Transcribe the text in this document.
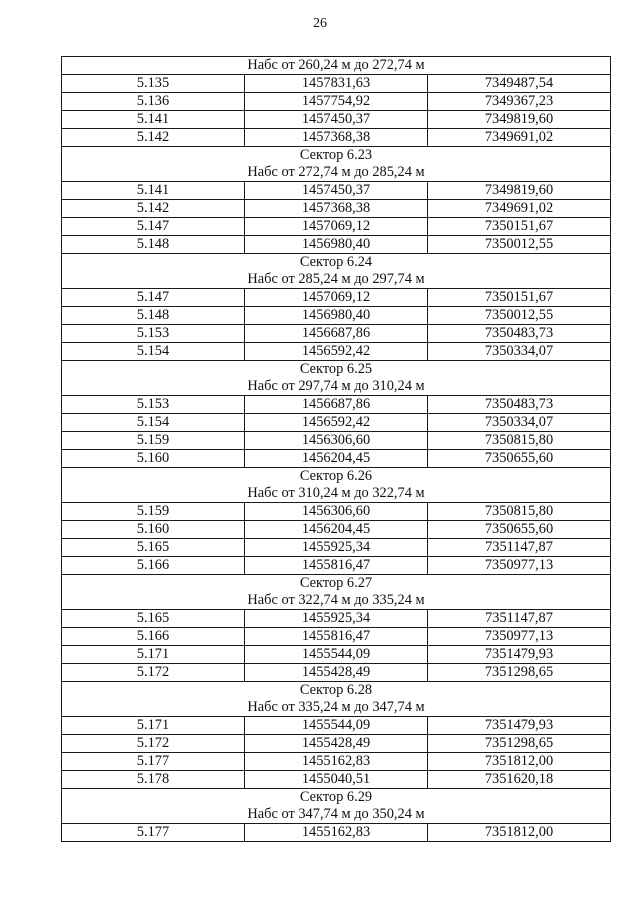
26
Набс от 260,24 м до 272,74 м		
5.135	1457831,63	7349487,54
5.136	1457754,92	7349367,23
5.141	1457450,37	7349819,60
5.142	1457368,38	7349691,02
Сектор 6.23		
Набс от 272,74 м до 285,24 м		
5.141	1457450,37	7349819,60
5.142	1457368,38	7349691,02
5.147	1457069,12	7350151,67
5.148	1456980,40	7350012,55
Сектор 6.24		
Набс от 285,24 м до 297,74 м		
5.147	1457069,12	7350151,67
5.148	1456980,40	7350012,55
5.153	1456687,86	7350483,73
5.154	1456592,42	7350334,07
Сектор 6.25		
Набс от 297,74 м до 310,24 м		
5.153	1456687,86	7350483,73
5.154	1456592,42	7350334,07
5.159	1456306,60	7350815,80
5.160	1456204,45	7350655,60
Сектор 6.26		
Набс от 310,24 м до 322,74 м		
5.159	1456306,60	7350815,80
5.160	1456204,45	7350655,60
5.165	1455925,34	7351147,87
5.166	1455816,47	7350977,13
Сектор 6.27		
Набс от 322,74 м до 335,24 м		
5.165	1455925,34	7351147,87
5.166	1455816,47	7350977,13
5.171	1455544,09	7351479,93
5.172	1455428,49	7351298,65
Сектор 6.28		
Набс от 335,24 м до 347,74 м		
5.171	1455544,09	7351479,93
5.172	1455428,49	7351298,65
5.177	1455162,83	7351812,00
5.178	1455040,51	7351620,18
Сектор 6.29		
Набс от 347,74 м до 350,24 м		
5.177	1455162,83	7351812,00
